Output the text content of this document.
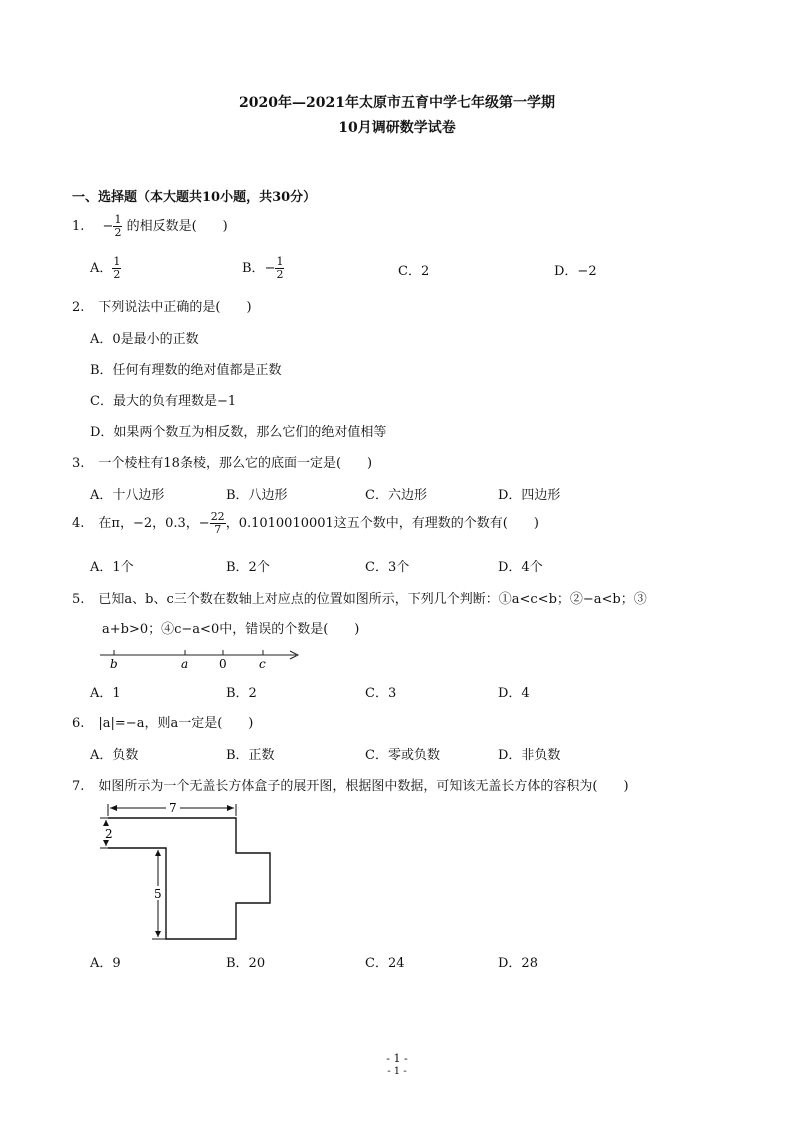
2020年—2021年太原市五育中学七年级第一学期
10月调研数学试卷
一、选择题（本大题共10小题，共30分）
1. − $\frac{1}{2}$ 的相反数是(　　)
A． $\frac{1}{2}$	B．− $\frac{1}{2}$	C．2	D．−2
2. 下列说法中正确的是(　　)
A．0是最小的正数
B．任何有理数的绝对值都是正数
C．最大的负有理数是−1
D．如果两个数互为相反数，那么它们的绝对值相等
3. 一个棱柱有18条棱，那么它的底面一定是(　　)
A．十八边形	B．八边形	C．六边形	D．四边形
4. 在π，−2，0.3，− $\frac{22}{7}$ ，0.1010010001这五个数中，有理数的个数有(　　)
A．1个	B．2个	C．3个	D．4个
5. 已知a、b、c三个数在数轴上对应点的位置如图所示，下列几个判断：①a<c<b；②−a<b；③
a+b>0；④c−a<0中，错误的个数是(　　)
b	a	0	c
A．1	B．2	C．3	D．4
6. |a|=−a，则a一定是(　　)
A．负数	B．正数	C．零或负数	D．非负数
7. 如图所示为一个无盖长方体盒子的展开图，根据图中数据，可知该无盖长方体的容积为(　　)
7
2
5
A．9	B．20	C．24	D．28
- 1 -
- 1 -
